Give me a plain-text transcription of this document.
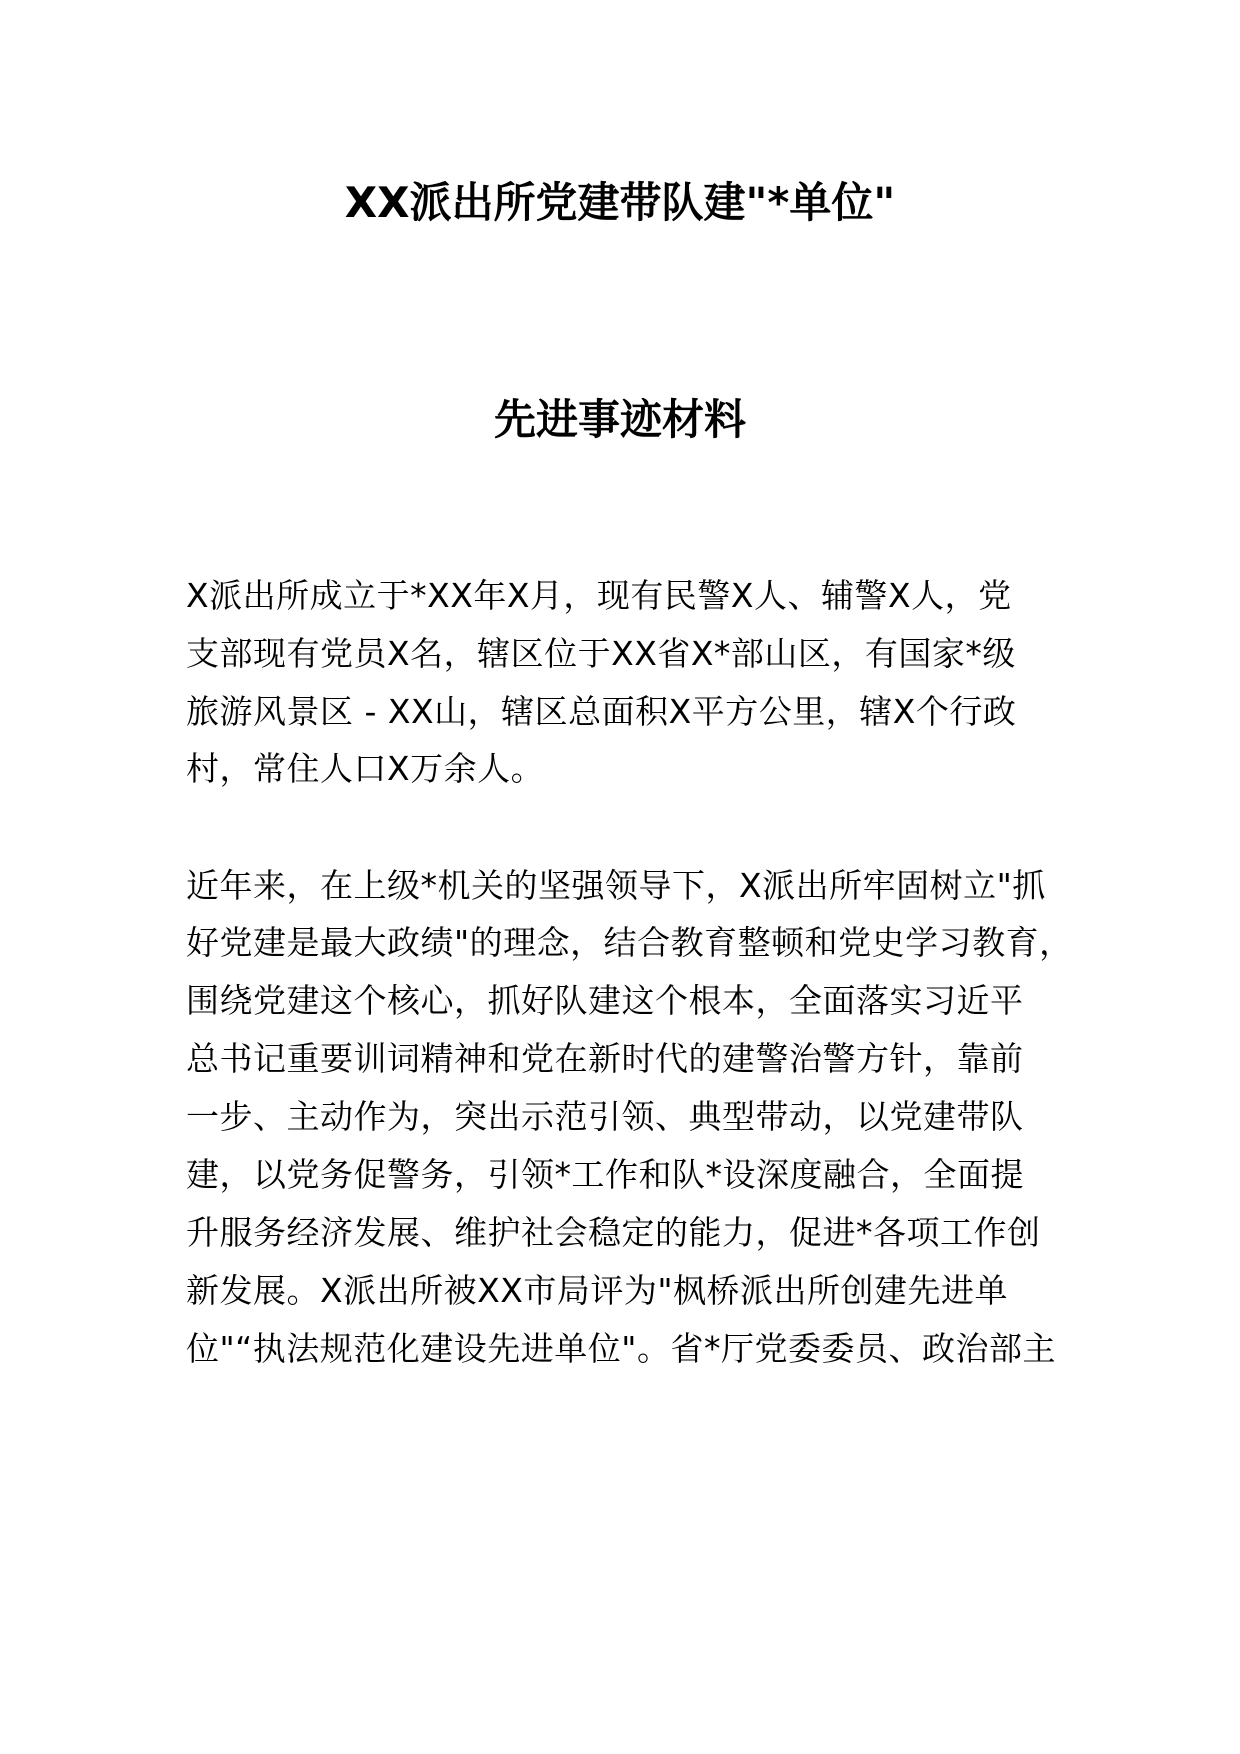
XX派出所党建带队建"*单位"
先进事迹材料
X派出所成立于*XX年X月，现有民警X人、辅警X人，党
支部现有党员X名，辖区位于XX省X*部山区，有国家*级
旅游风景区 - XX山，辖区总面积X平方公里，辖X个行政
村，常住人口X万余人。
近年来，在上级*机关的坚强领导下，X派出所牢固树立"抓
好党建是最大政绩"的理念，结合教育整顿和党史学习教育，
围绕党建这个核心，抓好队建这个根本，全面落实习近平
总书记重要训词精神和党在新时代的建警治警方针，靠前
一步、主动作为，突出示范引领、典型带动，以党建带队
建，以党务促警务，引领*工作和队*设深度融合，全面提
升服务经济发展、维护社会稳定的能力，促进*各项工作创
新发展。X派出所被XX市局评为"枫桥派出所创建先进单
位"“执法规范化建设先进单位"。省*厅党委委员、政治部主
